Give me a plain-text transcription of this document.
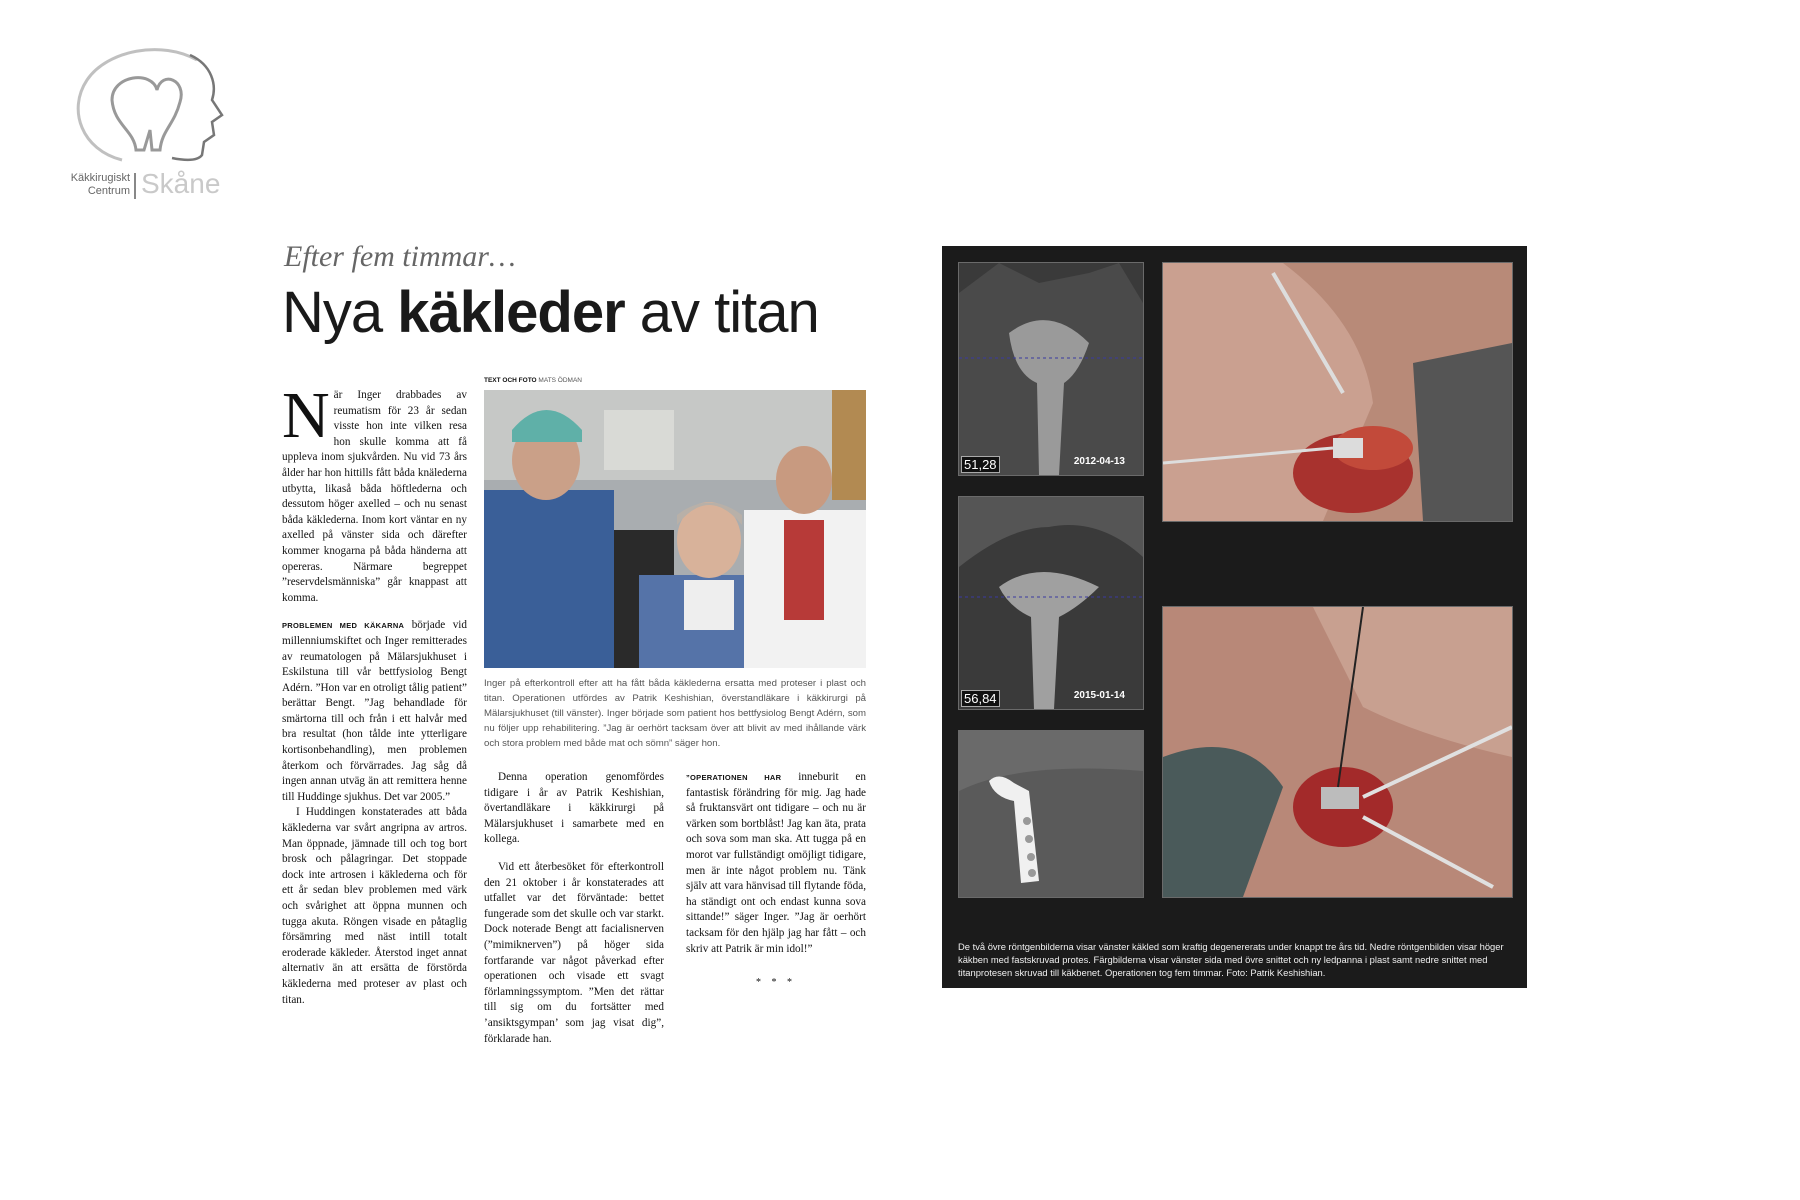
Käkkirugiskt
Centrum Skåne
Efter fem timmar…
Nya käkleder av titan

När Inger drabbades av reumatism för 23 år sedan visste hon inte vilken resa hon skulle komma att få uppleva inom sjukvården. Nu vid 73 års ålder har hon hittills fått båda knälederna utbytta, likaså båda höftlederna och dessutom höger axelled – och nu senast båda käklederna. Inom kort väntar en ny axelled på vänster sida och därefter kommer knogarna på båda händerna att opereras. Närmare begreppet ”reservdelsmänniska” går knappast att komma.

PROBLEMEN MED KÄKARNA började vid millenniumskiftet och Inger remitterades av reumatologen på Mälarsjukhuset i Eskilstuna till vår bettfysiolog Bengt Adérn. ”Hon var en otroligt tålig patient” berättar Bengt. ”Jag behandlade för smärtorna till och från i ett halvår med bra resultat (hon tålde inte ytterligare kortisonbehandling), men problemen återkom och förvärrades. Jag såg då ingen annan utväg än att remittera henne till Huddinge sjukhus. Det var 2005.”

I Huddingen konstaterades att båda käklederna var svårt angripna av artros. Man öppnade, jämnade till och tog bort brosk och pålagringar. Det stoppade dock inte artrosen i käklederna och för ett år sedan blev problemen med värk och svårighet att öppna munnen och tugga akuta. Röngen visade en påtaglig försämring med näst intill totalt eroderade käkleder. Återstod inget annat alternativ än att ersätta de förstörda käklederna med proteser av plast och titan.

TEXT OCH FOTO MATS ÖDMAN
Inger på efterkontroll efter att ha fått båda käklederna ersatta med proteser i plast och titan. Operationen utfördes av Patrik Keshishian, överstandläkare i käkkirurgi på Mälarsjukhuset (till vänster). Inger började som patient hos bettfysiolog Bengt Adérn, som nu följer upp rehabilitering. ”Jag är oerhört tacksam över att blivit av med ihållande värk och stora problem med både mat och sömn” säger hon.

Denna operation genomfördes tidigare i år av Patrik Keshishian, övertandläkare i käkkirurgi på Mälarsjukhuset i samarbete med en kollega.

Vid ett återbesöket för efterkontroll den 21 oktober i år konstaterades att utfallet var det förväntade: bettet fungerade som det skulle och var starkt. Dock noterade Bengt att facialisnerven (”mimiknerven”) på höger sida fortfarande var något påverkad efter operationen och visade ett svagt förlamningssymptom. ”Men det rättar till sig om du fortsätter med ’ansiktsgympan’ som jag visat dig”, förklarade han.

”OPERATIONEN HAR inneburit en fantastisk förändring för mig. Jag hade så fruktansvärt ont tidigare – och nu är värken som bortblåst! Jag kan äta, prata och sova som man ska. Att tugga på en morot var fullständigt omöjligt tidigare, men är inte något problem nu. Tänk själv att vara hänvisad till flytande föda, ha ständigt ont och endast kunna sova sittande!” säger Inger. ”Jag är oerhört tacksam för den hjälp jag har fått – och skriv att Patrik är min idol!”

* * *

51,28	2012-04-13
56,84	2015-01-14
De två övre röntgenbilderna visar vänster käkled som kraftig degenererats under knappt tre års tid. Nedre röntgenbilden visar höger käkben med fastskruvad protes. Färgbilderna visar vänster sida med övre snittet och ny ledpanna i plast samt nedre snittet med titanprotesen skruvad till käkbenet. Operationen tog fem timmar. Foto: Patrik Keshishian.
